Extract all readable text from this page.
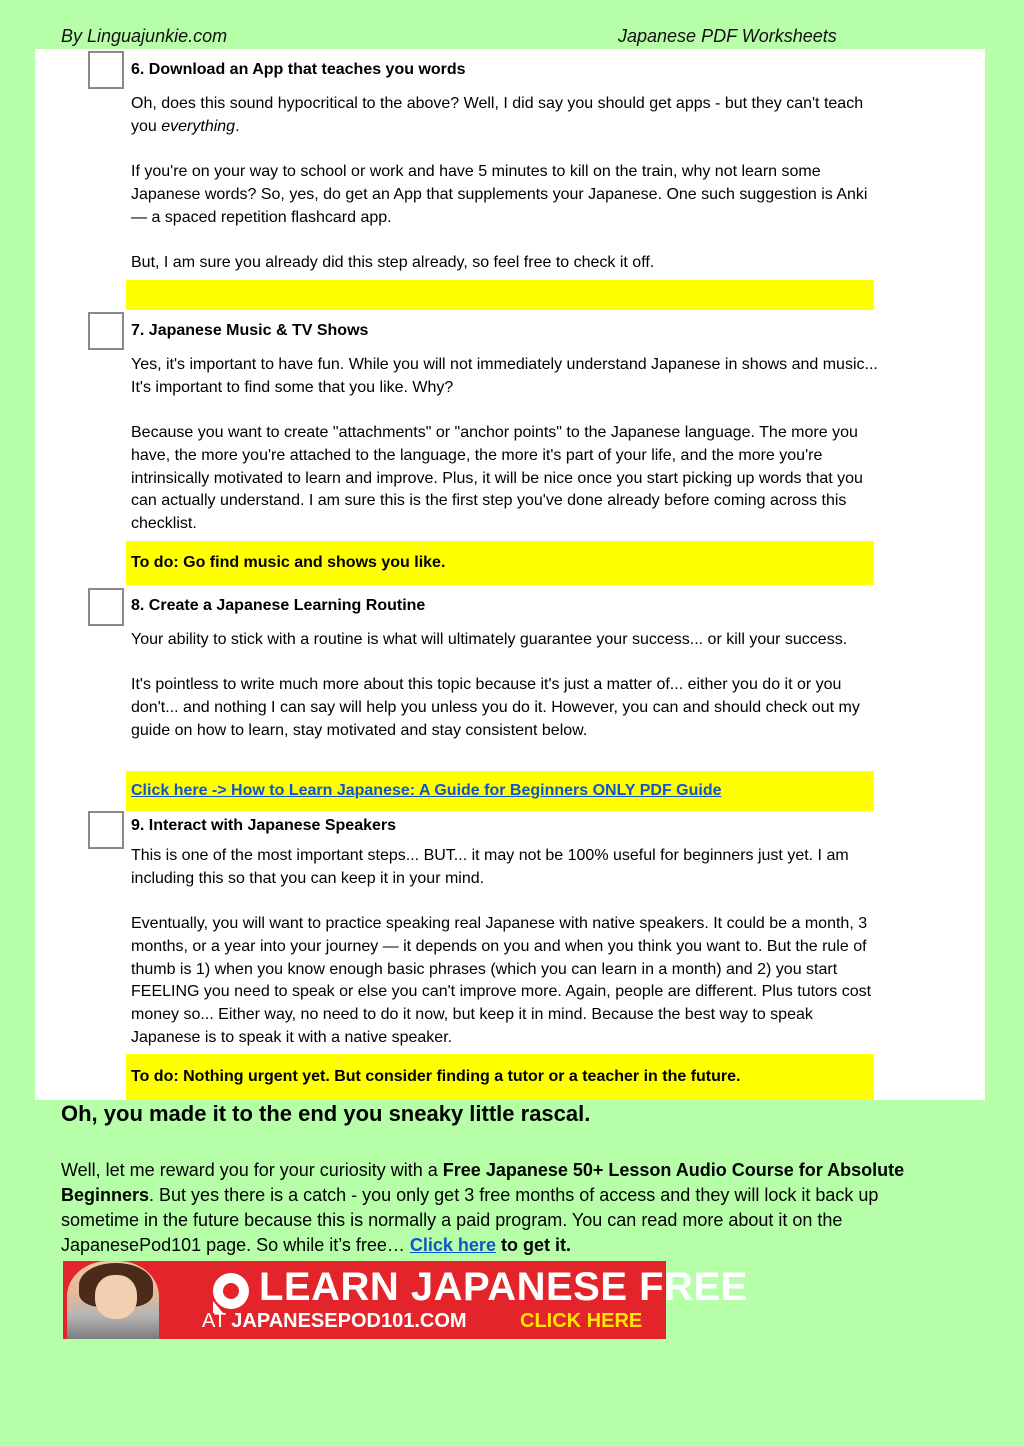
By Linguajunkie.com	Japanese PDF Worksheets
6. Download an App that teaches you words

Oh, does this sound hypocritical to the above? Well, I did say you should get apps - but they can't teach you everything.

If you're on your way to school or work and have 5 minutes to kill on the train, why not learn some Japanese words? So, yes, do get an App that supplements your Japanese. One such suggestion is Anki — a spaced repetition flashcard app.

But, I am sure you already did this step already, so feel free to check it off.

7. Japanese Music & TV Shows

Yes, it's important to have fun. While you will not immediately understand Japanese in shows and music... It's important to find some that you like. Why?

Because you want to create "attachments" or "anchor points" to the Japanese language. The more you have, the more you're attached to the language, the more it's part of your life, and the more you're intrinsically motivated to learn and improve. Plus, it will be nice once you start picking up words that you can actually understand. I am sure this is the first step you've done already before coming across this checklist.

To do: Go find music and shows you like.
8. Create a Japanese Learning Routine

Your ability to stick with a routine is what will ultimately guarantee your success... or kill your success.

It's pointless to write much more about this topic because it's just a matter of... either you do it or you don't... and nothing I can say will help you unless you do it. However, you can and should check out my guide on how to learn, stay motivated and stay consistent below.

Click here -> How to Learn Japanese: A Guide for Beginners ONLY PDF Guide
9. Interact with Japanese Speakers

This is one of the most important steps... BUT... it may not be 100% useful for beginners just yet. I am including this so that you can keep it in your mind.

Eventually, you will want to practice speaking real Japanese with native speakers. It could be a month, 3 months, or a year into your journey — it depends on you and when you think you want to. But the rule of thumb is 1) when you know enough basic phrases (which you can learn in a month) and 2) you start FEELING you need to speak or else you can't improve more. Again, people are different. Plus tutors cost money so... Either way, no need to do it now, but keep it in mind. Because the best way to speak Japanese is to speak it with a native speaker.

To do: Nothing urgent yet. But consider finding a tutor or a teacher in the future.
Oh, you made it to the end you sneaky little rascal.
Well, let me reward you for your curiosity with a Free Japanese 50+ Lesson Audio Course for Absolute Beginners. But yes there is a catch - you only get 3 free months of access and they will lock it back up sometime in the future because this is normally a paid program. You can read more about it on the JapanesePod101 page. So while it’s free… Click here to get it.
LEARN JAPANESE FREE
AT JAPANESEPOD101.COM	CLICK HERE
